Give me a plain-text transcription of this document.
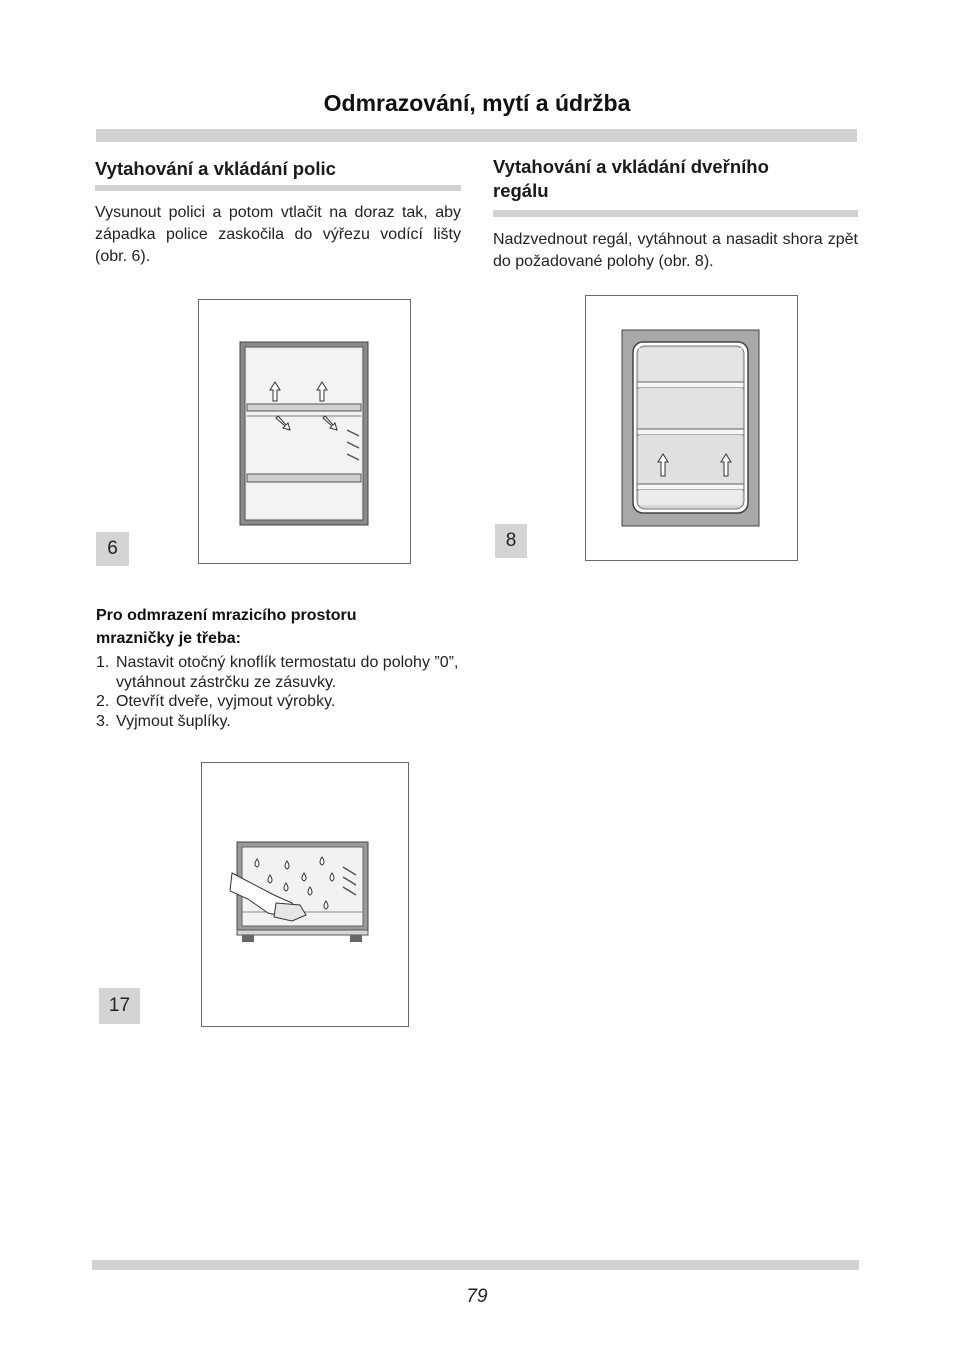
Odmrazování, mytí a údržba
Vytahování a vkládání polic
Vysunout polici a potom vtlačit na doraz tak, aby západka police zaskočila do výřezu vodící lišty (obr. 6).
6
Pro odmrazení mrazicího prostoru
mrazničky je třeba:
1. Nastavit otočný knoflík termostatu do polohy ”0”, vytáhnout zástrčku ze zásuvky.
2. Otevřít dveře, vyjmout výrobky.
3. Vyjmout šuplíky.
17
Vytahování a vkládání dveřního
regálu
Nadzvednout regál, vytáhnout a nasadit shora zpět do požadované polohy (obr. 8).
8
79
